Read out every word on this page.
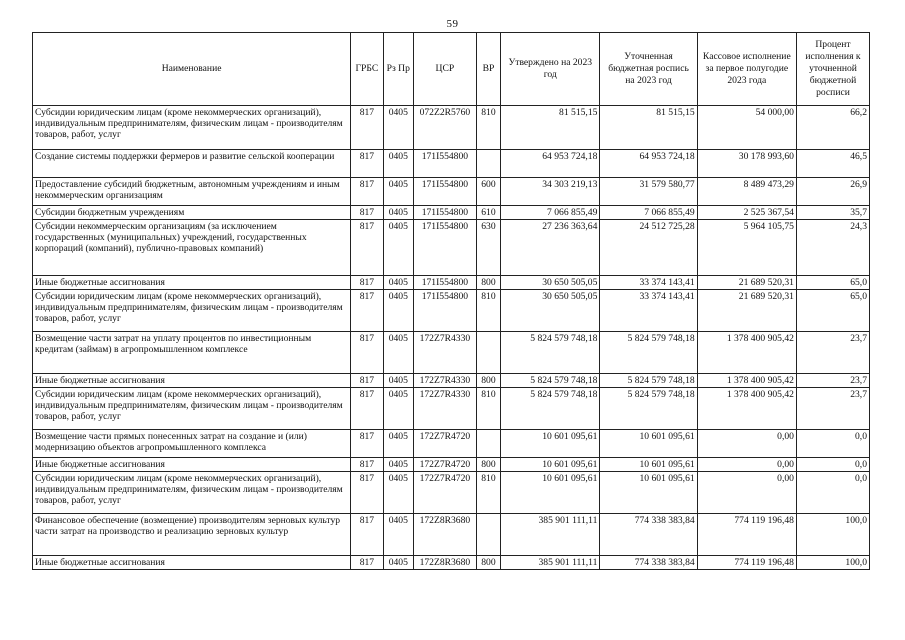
59
Наименование	ГРБС	Рз Пр	ЦСР	ВР	Утверждено на 2023 год	Уточненная бюджетная роспись на 2023 год	Кассовое исполнение за первое полугодие 2023 года	Процент исполнения к уточненной бюджетной росписи
Субсидии юридическим лицам (кроме некоммерческих организаций), индивидуальным предпринимателям, физическим лицам - производителям товаров, работ, услуг	817	0405	072Z2R5760	810	81 515,15	81 515,15	54 000,00	66,2
Создание системы поддержки фермеров и развитие сельской кооперации	817	0405	171I554800		64 953 724,18	64 953 724,18	30 178 993,60	46,5
Предоставление субсидий бюджетным, автономным учреждениям и иным некоммерческим организациям	817	0405	171I554800	600	34 303 219,13	31 579 580,77	8 489 473,29	26,9
Субсидии бюджетным учреждениям	817	0405	171I554800	610	7 066 855,49	7 066 855,49	2 525 367,54	35,7
Субсидии некоммерческим организациям (за исключением государственных (муниципальных) учреждений, государственных корпораций (компаний), публично-правовых компаний)	817	0405	171I554800	630	27 236 363,64	24 512 725,28	5 964 105,75	24,3
Иные бюджетные ассигнования	817	0405	171I554800	800	30 650 505,05	33 374 143,41	21 689 520,31	65,0
Субсидии юридическим лицам (кроме некоммерческих организаций), индивидуальным предпринимателям, физическим лицам - производителям товаров, работ, услуг	817	0405	171I554800	810	30 650 505,05	33 374 143,41	21 689 520,31	65,0
Возмещение части затрат на уплату процентов по инвестиционным кредитам (займам) в агропромышленном комплексе	817	0405	172Z7R4330		5 824 579 748,18	5 824 579 748,18	1 378 400 905,42	23,7
Иные бюджетные ассигнования	817	0405	172Z7R4330	800	5 824 579 748,18	5 824 579 748,18	1 378 400 905,42	23,7
Субсидии юридическим лицам (кроме некоммерческих организаций), индивидуальным предпринимателям, физическим лицам - производителям товаров, работ, услуг	817	0405	172Z7R4330	810	5 824 579 748,18	5 824 579 748,18	1 378 400 905,42	23,7
Возмещение части прямых понесенных затрат на создание и (или) модернизацию объектов агропромышленного комплекса	817	0405	172Z7R4720		10 601 095,61	10 601 095,61	0,00	0,0
Иные бюджетные ассигнования	817	0405	172Z7R4720	800	10 601 095,61	10 601 095,61	0,00	0,0
Субсидии юридическим лицам (кроме некоммерческих организаций), индивидуальным предпринимателям, физическим лицам - производителям товаров, работ, услуг	817	0405	172Z7R4720	810	10 601 095,61	10 601 095,61	0,00	0,0
Финансовое обеспечение (возмещение) производителям зерновых культур части затрат на производство и реализацию зерновых культур	817	0405	172Z8R3680		385 901 111,11	774 338 383,84	774 119 196,48	100,0
Иные бюджетные ассигнования	817	0405	172Z8R3680	800	385 901 111,11	774 338 383,84	774 119 196,48	100,0
